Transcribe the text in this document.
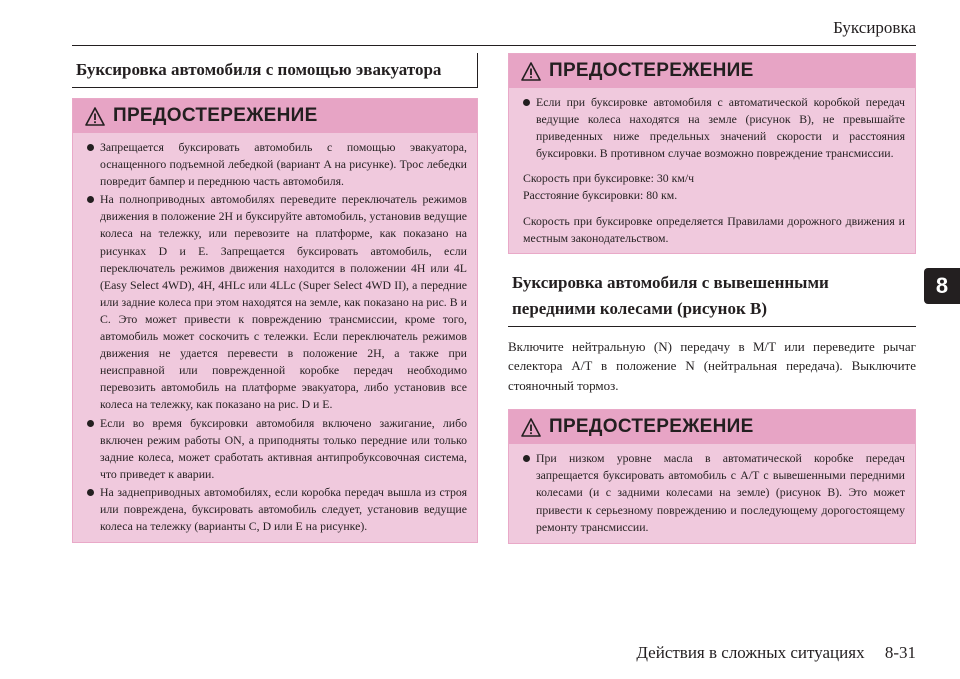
Буксировка
8
Буксировка автомобиля с помощью эвакуатора
ПРЕДОСТЕРЕЖЕНИЕ
Запрещается буксировать автомобиль с помощью эвакуатора, оснащенного подъемной лебедкой (вариант A на рисунке). Трос лебедки повредит бампер и переднюю часть автомобиля.
На полноприводных автомобилях переведите переключатель режимов движения в положение 2H и буксируйте автомобиль, установив ведущие колеса на тележку, или перевозите на платформе, как показано на рисунках D и E. Запрещается буксировать автомобиль, если переключатель режимов движения находится в положении 4H или 4L (Easy Select 4WD), 4H, 4HLc или 4LLc (Super Select 4WD II), а передние или задние колеса при этом находятся на земле, как показано на рис. B и C. Это может привести к повреждению трансмиссии, кроме того, автомобиль может соскочить с тележки. Если переключатель режимов движения не удается перевести в положение 2H, а также при неисправной или поврежденной коробке передач необходимо перевозить автомобиль на платформе эвакуатора, либо установив все колеса на тележку, как показано на рис. D и E.
Если во время буксировки автомобиля включено зажигание, либо включен режим работы ON, а приподняты только передние или только задние колеса, может сработать активная антипробуксовочная система, что приведет к аварии.
На заднеприводных автомобилях, если коробка передач вышла из строя или повреждена, буксировать автомобиль следует, установив ведущие колеса на тележку (варианты C, D или E на рисунке).
ПРЕДОСТЕРЕЖЕНИЕ
Если при буксировке автомобиля с автоматической коробкой передач ведущие колеса находятся на земле (рисунок B), не превышайте приведенных ниже предельных значений скорости и расстояния буксировки. В противном случае возможно повреждение трансмиссии.

Скорость при буксировке: 30 км/ч
Расстояние буксировки: 80 км.

Скорость при буксировке определяется Правилами дорожного движения и местным законодательством.

Буксировка автомобиля с вывешенными передними колесами (рисунок B)

Включите нейтральную (N) передачу в M/T или переведите рычаг селектора A/T в положение N (нейтральная передача). Выключите стояночный тормоз.

ПРЕДОСТЕРЕЖЕНИЕ
При низком уровне масла в автоматической коробке передач запрещается буксировать автомобиль с A/T с вывешенными передними колесами (и с задними колесами на земле) (рисунок B). Это может привести к серьезному повреждению и последующему дорогостоящему ремонту трансмиссии.
Действия в сложных ситуациях 8-31
